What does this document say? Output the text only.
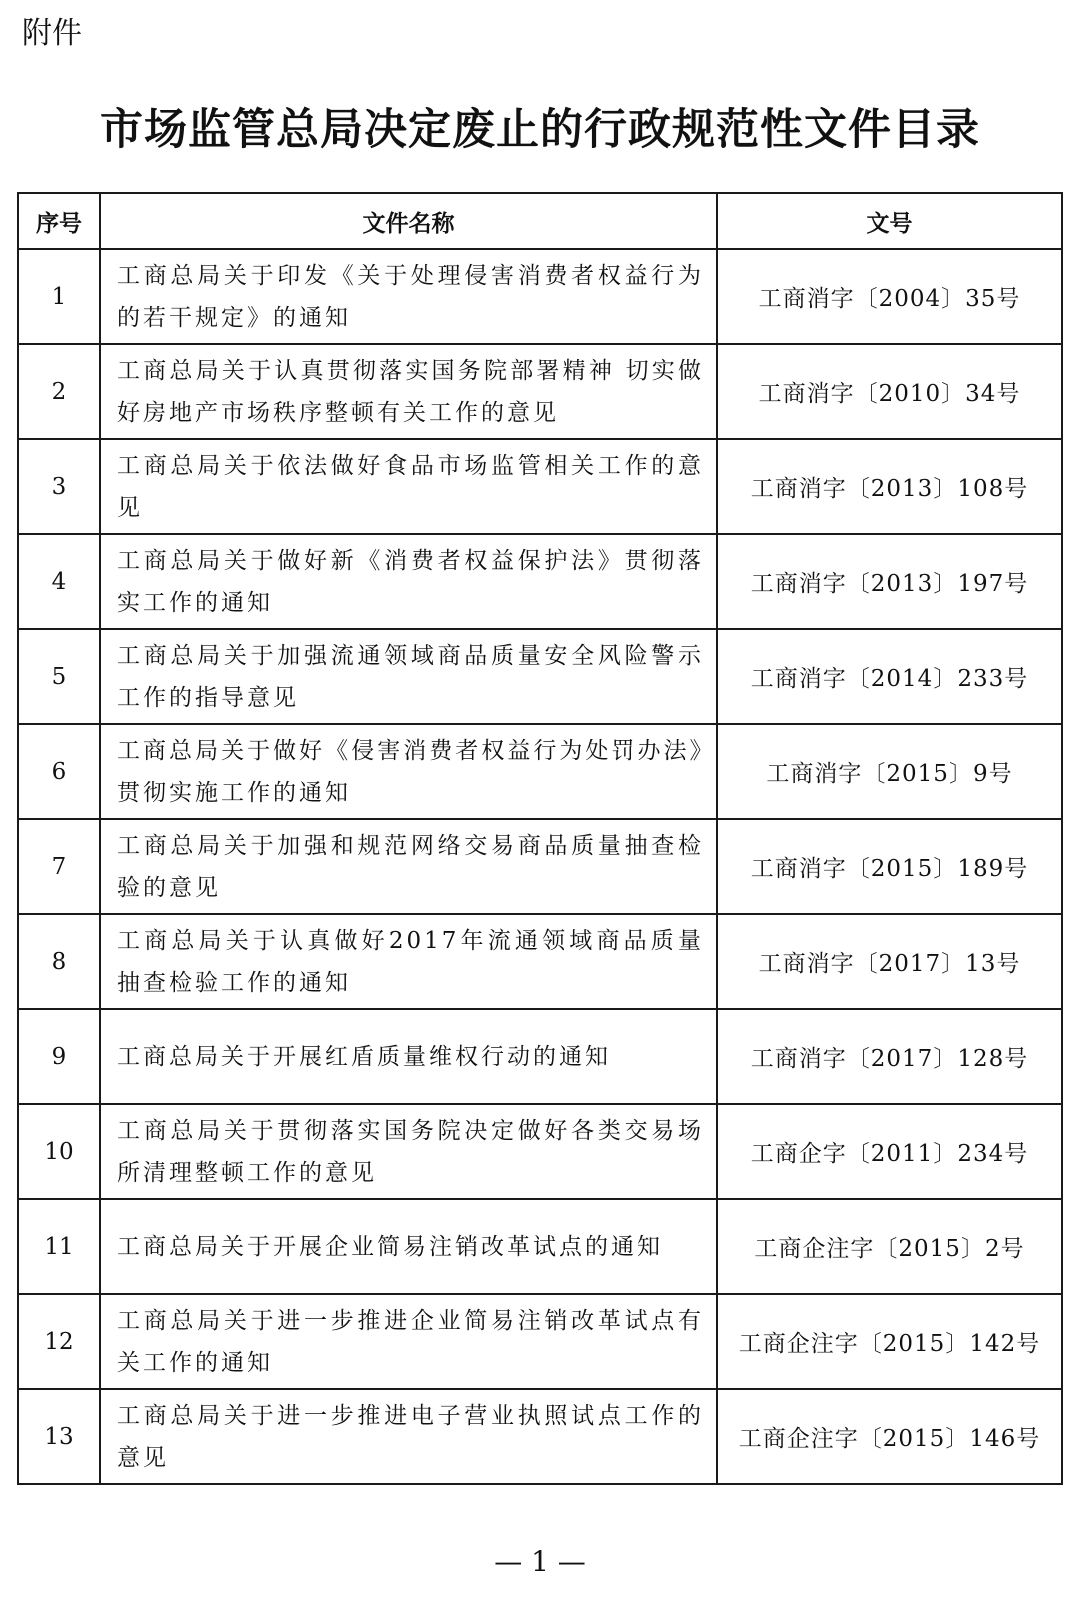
附件
市场监管总局决定废止的行政规范性文件目录
序号	文件名称	文号
1	工商总局关于印发《关于处理侵害消费者权益行为的若干规定》的通知	工商消字〔2004〕35号
2	工商总局关于认真贯彻落实国务院部署精神 切实做好房地产市场秩序整顿有关工作的意见	工商消字〔2010〕34号
3	工商总局关于依法做好食品市场监管相关工作的意见	工商消字〔2013〕108号
4	工商总局关于做好新《消费者权益保护法》贯彻落实工作的通知	工商消字〔2013〕197号
5	工商总局关于加强流通领域商品质量安全风险警示工作的指导意见	工商消字〔2014〕233号
6	工商总局关于做好《侵害消费者权益行为处罚办法》贯彻实施工作的通知	工商消字〔2015〕9号
7	工商总局关于加强和规范网络交易商品质量抽查检验的意见	工商消字〔2015〕189号
8	工商总局关于认真做好2017年流通领域商品质量抽查检验工作的通知	工商消字〔2017〕13号
9	工商总局关于开展红盾质量维权行动的通知	工商消字〔2017〕128号
10	工商总局关于贯彻落实国务院决定做好各类交易场所清理整顿工作的意见	工商企字〔2011〕234号
11	工商总局关于开展企业简易注销改革试点的通知	工商企注字〔2015〕2号
12	工商总局关于进一步推进企业简易注销改革试点有关工作的通知	工商企注字〔2015〕142号
13	工商总局关于进一步推进电子营业执照试点工作的意见	工商企注字〔2015〕146号
— 1 —
